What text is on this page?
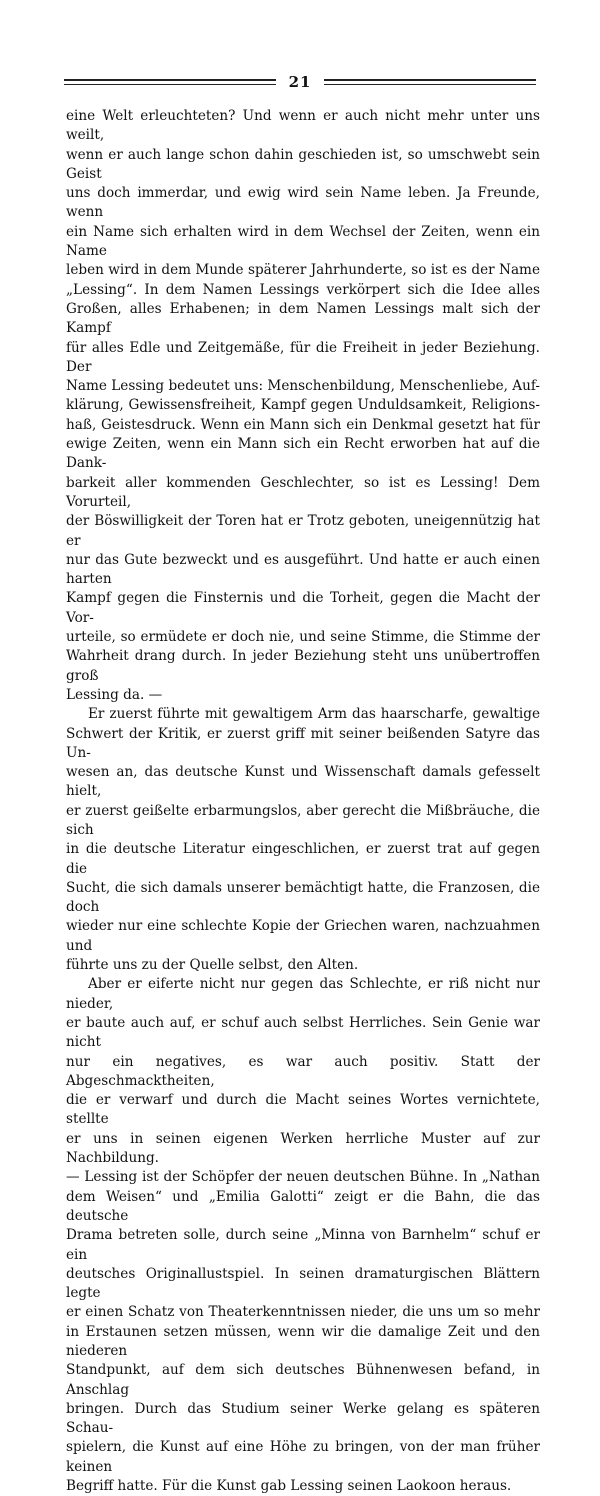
21
eine Welt erleuchteten? Und wenn er auch nicht mehr unter uns weilt,
wenn er auch lange schon dahin geschieden ist, so umschwebt sein Geist
uns doch immerdar, und ewig wird sein Name leben. Ja Freunde, wenn
ein Name sich erhalten wird in dem Wechsel der Zeiten, wenn ein Name
leben wird in dem Munde späterer Jahrhunderte, so ist es der Name
„Lessing“. In dem Namen Lessings verkörpert sich die Idee alles
Großen, alles Erhabenen; in dem Namen Lessings malt sich der Kampf
für alles Edle und Zeitgemäße, für die Freiheit in jeder Beziehung. Der
Name Lessing bedeutet uns: Menschenbildung, Menschenliebe, Auf-
klärung, Gewissensfreiheit, Kampf gegen Unduldsamkeit, Religions-
haß, Geistesdruck. Wenn ein Mann sich ein Denkmal gesetzt hat für
ewige Zeiten, wenn ein Mann sich ein Recht erworben hat auf die Dank-
barkeit aller kommenden Geschlechter, so ist es Lessing! Dem Vorurteil,
der Böswilligkeit der Toren hat er Trotz geboten, uneigennützig hat er
nur das Gute bezweckt und es ausgeführt. Und hatte er auch einen harten
Kampf gegen die Finsternis und die Torheit, gegen die Macht der Vor-
urteile, so ermüdete er doch nie, und seine Stimme, die Stimme der
Wahrheit drang durch. In jeder Beziehung steht uns unübertroffen groß
Lessing da. —
Er zuerst führte mit gewaltigem Arm das haarscharfe, gewaltige
Schwert der Kritik, er zuerst griff mit seiner beißenden Satyre das Un-
wesen an, das deutsche Kunst und Wissenschaft damals gefesselt hielt,
er zuerst geißelte erbarmungslos, aber gerecht die Mißbräuche, die sich
in die deutsche Literatur eingeschlichen, er zuerst trat auf gegen die
Sucht, die sich damals unserer bemächtigt hatte, die Franzosen, die doch
wieder nur eine schlechte Kopie der Griechen waren, nachzuahmen und
führte uns zu der Quelle selbst, den Alten.
Aber er eiferte nicht nur gegen das Schlechte, er riß nicht nur nieder,
er baute auch auf, er schuf auch selbst Herrliches. Sein Genie war nicht
nur ein negatives, es war auch positiv. Statt der Abgeschmacktheiten,
die er verwarf und durch die Macht seines Wortes vernichtete, stellte
er uns in seinen eigenen Werken herrliche Muster auf zur Nachbildung.
— Lessing ist der Schöpfer der neuen deutschen Bühne. In „Nathan
dem Weisen“ und „Emilia Galotti“ zeigt er die Bahn, die das deutsche
Drama betreten solle, durch seine „Minna von Barnhelm“ schuf er ein
deutsches Originallustspiel. In seinen dramaturgischen Blättern legte
er einen Schatz von Theaterkenntnissen nieder, die uns um so mehr
in Erstaunen setzen müssen, wenn wir die damalige Zeit und den niederen
Standpunkt, auf dem sich deutsches Bühnenwesen befand, in Anschlag
bringen. Durch das Studium seiner Werke gelang es späteren Schau-
spielern, die Kunst auf eine Höhe zu bringen, von der man früher keinen
Begriff hatte. Für die Kunst gab Lessing seinen Laokoon heraus.
